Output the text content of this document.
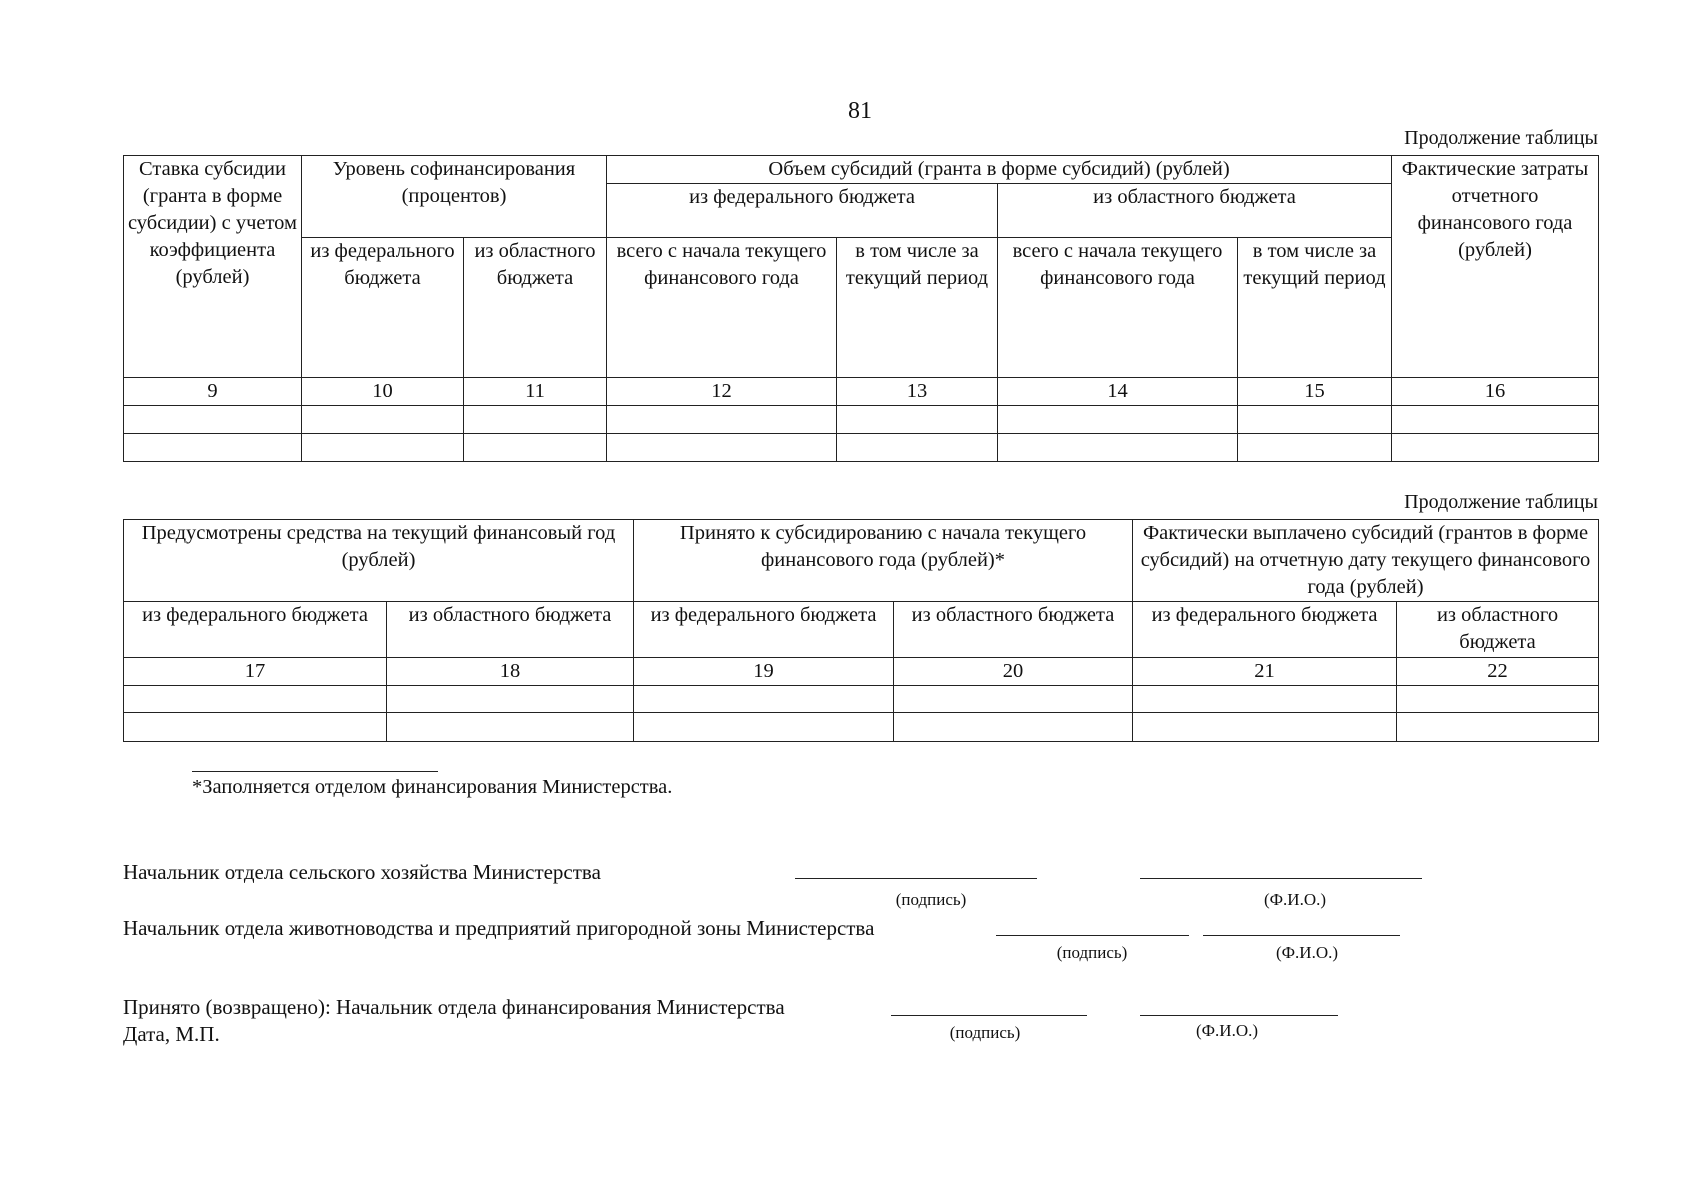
81
Продолжение таблицы
Ставка субсидии (гранта в форме субсидии) с учетом коэффициента (рублей)	Уровень софинансирования (процентов)		Объем субсидий (гранта в форме субсидий) (рублей)				Фактические затраты отчетного финансового года (рублей)
			из федерального бюджета		из областного бюджета		
	из федерального бюджета	из областного бюджета	всего с начала текущего финансового года	в том числе за текущий период	всего с начала текущего финансового года	в том числе за текущий период	
9	10	11	12	13	14	15	16

Продолжение таблицы
Предусмотрены средства на текущий финансовый год (рублей)		Принято к субсидированию с начала текущего финансового года (рублей)*		Фактически выплачено субсидий (грантов в форме субсидий) на отчетную дату текущего финансового года (рублей)	
из федерального бюджета	из областного бюджета	из федерального бюджета	из областного бюджета	из федерального бюджета	из областного бюджета
17	18	19	20	21	22

*Заполняется отделом финансирования Министерства.
Начальник отдела сельского хозяйства Министерства
(подпись)	(Ф.И.О.)
Начальник отдела животноводства и предприятий пригородной зоны Министерства
(подпись)	(Ф.И.О.)
Принято (возвращено): Начальник отдела финансирования Министерства
Дата, М.П.	(подпись)	(Ф.И.О.)
